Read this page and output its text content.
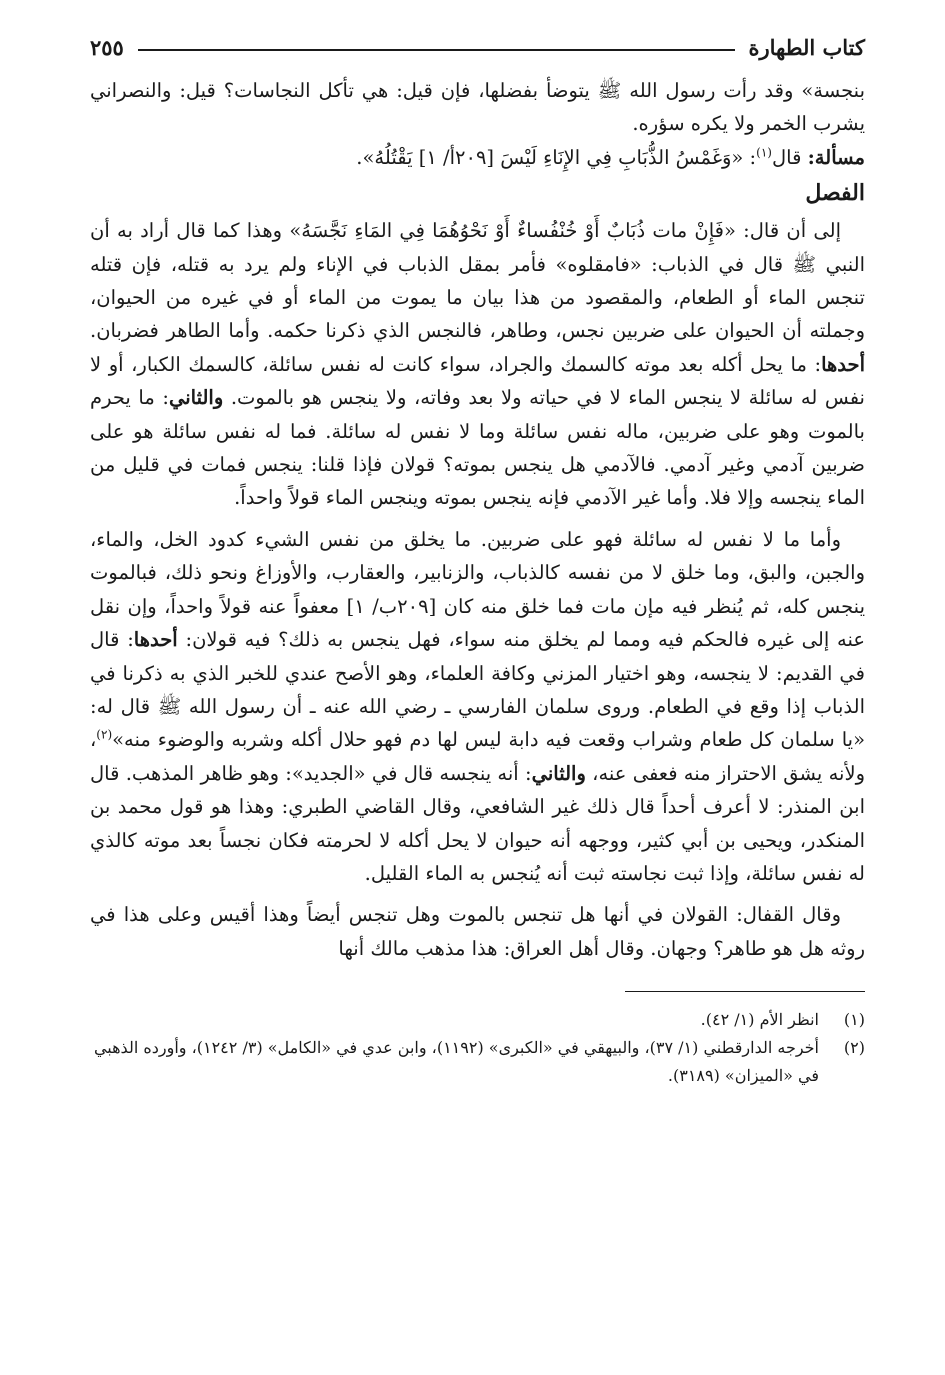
كتاب الطهارة
٢٥٥

بنجسة» وقد رأت رسول الله ﷺ يتوضأ بفضلها، فإن قيل: هي تأكل النجاسات؟ قيل: والنصراني يشرب الخمر ولا يكره سؤره.

مسألة: قال$^{(١)}$: «وَغَمْسُ الذُّبَابِ فِي الإِنَاءِ لَيْسَ [٢٠٩أ/ ١] يَقْتُلُهُ».

الفصل

إلى أن قال: «فَإِنْ مات ذُبَابٌ أَوْ خُنْفُساءٌ أَوْ نَحْوُهُمَا فِي المَاءِ نَجَّسَهُ» وهذا كما قال أراد به أن النبي ﷺ قال في الذباب: «فامقلوه» فأمر بمقل الذباب في الإناء ولم يرد به قتله، فإن قتله تنجس الماء أو الطعام، والمقصود من هذا بيان ما يموت من الماء أو في غيره من الحيوان، وجملته أن الحيوان على ضربين نجس، وطاهر، فالنجس الذي ذكرنا حكمه. وأما الطاهر فضربان. أحدها: ما يحل أكله بعد موته كالسمك والجراد، سواء كانت له نفس سائلة، كالسمك الكبار، أو لا نفس له سائلة لا ينجس الماء لا في حياته ولا بعد وفاته، ولا ينجس هو بالموت. والثاني: ما يحرم بالموت وهو على ضربين، ماله نفس سائلة وما لا نفس له سائلة. فما له نفس سائلة هو على ضربين آدمي وغير آدمي. فالآدمي هل ينجس بموته؟ قولان فإذا قلنا: ينجس فمات في قليل من الماء ينجسه وإلا فلا. وأما غير الآدمي فإنه ينجس بموته وينجس الماء قولاً واحداً.

وأما ما لا نفس له سائلة فهو على ضربين. ما يخلق من نفس الشيء كدود الخل، والماء، والجبن، والبق، وما خلق لا من نفسه كالذباب، والزنابير، والعقارب، والأوزاغ ونحو ذلك، فبالموت ينجس كله، ثم يُنظر فيه مإن مات فما خلق منه كان [٢٠٩ب/ ١] معفواً عنه قولاً واحداً، وإن نقل عنه إلى غيره فالحكم فيه ومما لم يخلق منه سواء، فهل ينجس به ذلك؟ فيه قولان: أحدها: قال في القديم: لا ينجسه، وهو اختيار المزني وكافة العلماء، وهو الأصح عندي للخبر الذي به ذكرنا في الذباب إذا وقع في الطعام. وروى سلمان الفارسي ـ رضي الله عنه ـ أن رسول الله ﷺ قال له: «يا سلمان كل طعام وشراب وقعت فيه دابة ليس لها دم فهو حلال أكله وشربه والوضوء منه»$^{(٢)}$، ولأنه يشق الاحتراز منه فعفى عنه، والثاني: أنه ينجسه قال في «الجديد»: وهو ظاهر المذهب. قال ابن المنذر: لا أعرف أحداً قال ذلك غير الشافعي، وقال القاضي الطبري: وهذا هو قول محمد بن المنكدر، ويحيى بن أبي كثير، ووجهه أنه حيوان لا يحل أكله لا لحرمته فكان نجساً بعد موته كالذي له نفس سائلة، وإذا ثبت نجاسته ثبت أنه يُنجس به الماء القليل.

وقال القفال: القولان في أنها هل تنجس بالموت وهل تنجس أيضاً وهذا أقيس وعلى هذا في روثه هل هو طاهر؟ وجهان. وقال أهل العراق: هذا مذهب مالك أنها

(١)
انظر الأم (١/ ٤٢).
(٢)
أخرجه الدارقطني (١/ ٣٧)، والبيهقي في «الكبرى» (١١٩٢)، وابن عدي في «الكامل» (٣/ ١٢٤٢)، وأورده الذهبي في «الميزان» (٣١٨٩).
